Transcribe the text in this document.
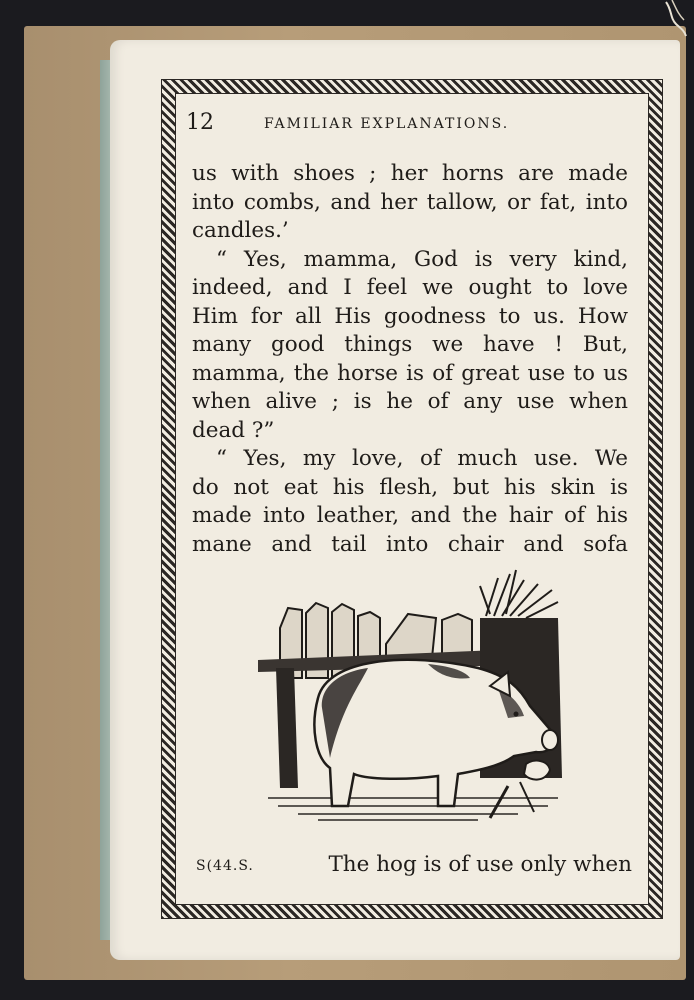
12	FAMILIAR EXPLANATIONS.
us with shoes ; her horns are made
into combs, and her tallow, or fat, into
candles.’
“ Yes, mamma, God is very kind,
indeed, and I feel we ought to love
Him for all His goodness to us. How
many good things we have ! But,
mamma, the horse is of great use to us
when alive ; is he of any use when
dead ?”
“ Yes, my love, of much use. We
do not eat his flesh, but his skin is
made into leather, and the hair of his
mane and tail into chair and sofa
S(44.S.	The hog is of use only when
